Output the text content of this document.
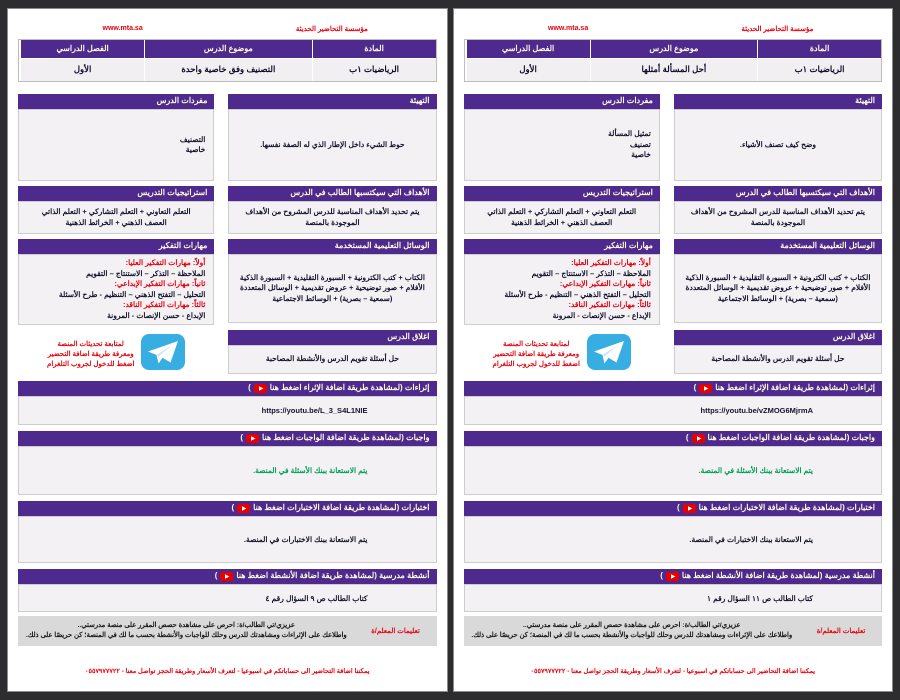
مؤسسة التحاضير الحديثة
www.mta.sa
المادة
موضوع الدرس
الفصل الدراسي
الرياضيات ١ب
التصنيف وفق خاصية واحدة
الأول
التهيئة
حوط الشيء داخل الإطار الذي له الصفة نفسها.
مفردات الدرس
التصنيف
خاصية
الأهداف التي سيكتسبها الطالب في الدرس
يتم تحديد الأهداف المناسبة للدرس المشروح من الأهداف الموجودة بالمنصة
استراتيجيات التدريس
التعلم التعاوني + التعلم التشاركي + التعلم الذاتي
العصف الذهني + الخرائط الذهنية
الوسائل التعليمية المستخدمة
الكتاب + كتب الكترونية + السبورة التقليدية + السبورة الذكية
الأفلام + صور توضيحية + عروض تقديمية + الوسائل المتعددة
(سمعية – بصرية) + الوسائط الاجتماعية
مهارات التفكير
أولاً: مهارات التفكير العليا:
الملاحظة – التذكر – الاستنتاج – التقويم
ثانياً: مهارات التفكير الإبداعي:
التحليل – التفتح الذهني – التنظيم - طرح الأسئلة
ثالثاً: مهارات التفكير الناقد:
الإبداع - حسن الإنصات - المرونة
اغلاق الدرس
حل أسئلة تقويم الدرس والأنشطة المصاحبة
لمتابعة تحديثات المنصة
ومعرفة طريقة اضافة التحضير
اضغط للدخول لجروب التلغرام
إثراءات (لمشاهدة طريقة اضافة الإثراء اضغط هنا
)
https://youtu.be/L_3_S4L1NIE
واجبات (لمشاهدة طريقة اضافة الواجبات اضغط هنا
)
يتم الاستعانة ببنك الأسئلة في المنصة.
اختبارات (لمشاهدة طريقة اضافة الاختبارات اضغط هنا
)
يتم الاستعانة ببنك الاختبارات في المنصة.
أنشطة مدرسية (لمشاهدة طريقة اضافة الأنشطة اضغط هنا
)
كتاب الطالب ص ٩ السؤال رقم ٤
تعليمات المعلم/ة
عزيزي/تي الطالب/ة: احرص على مشاهدة حصص المقرر على منصة مدرستي..
واطلاعك على الإثراءات ومشاهدتك للدرس وحلك للواجبات والأنشطة بحسب ما لك في المنصة؛ كن حريصًا على ذلك.
يمكننا اضافة التحاضير الى حساباتكم في اسبوعيا - لتعرف الأسعار وطريقة الحجز تواصل معنا - ٠٥٥٧٩٧٧٧٢٢
مؤسسة التحاضير الحديثة
www.mta.sa
المادة
موضوع الدرس
الفصل الدراسي
الرياضيات ١ب
أحل المسألة أمثلها
الأول
التهيئة
وضح كيف تصنف الأشياء.
مفردات الدرس
تمثيل المسألة
تصنيف
خاصية
الأهداف التي سيكتسبها الطالب في الدرس
يتم تحديد الأهداف المناسبة للدرس المشروح من الأهداف الموجودة بالمنصة
استراتيجيات التدريس
التعلم التعاوني + التعلم التشاركي + التعلم الذاتي
العصف الذهني + الخرائط الذهنية
الوسائل التعليمية المستخدمة
الكتاب + كتب الكترونية + السبورة التقليدية + السبورة الذكية
الأفلام + صور توضيحية + عروض تقديمية + الوسائل المتعددة
(سمعية – بصرية) + الوسائط الاجتماعية
مهارات التفكير
أولاً: مهارات التفكير العليا:
الملاحظة – التذكر – الاستنتاج – التقويم
ثانياً: مهارات التفكير الإبداعي:
التحليل – التفتح الذهني – التنظيم - طرح الأسئلة
ثالثاً: مهارات التفكير الناقد:
الإبداع - حسن الإنصات - المرونة
اغلاق الدرس
حل أسئلة تقويم الدرس والأنشطة المصاحبة
لمتابعة تحديثات المنصة
ومعرفة طريقة اضافة التحضير
اضغط للدخول لجروب التلغرام
إثراءات (لمشاهدة طريقة اضافة الإثراء اضغط هنا
)
https://youtu.be/vZMOG6MjrmA
واجبات (لمشاهدة طريقة اضافة الواجبات اضغط هنا
)
يتم الاستعانة ببنك الأسئلة في المنصة.
اختبارات (لمشاهدة طريقة اضافة الاختبارات اضغط هنا
)
يتم الاستعانة ببنك الاختبارات في المنصة.
أنشطة مدرسية (لمشاهدة طريقة اضافة الأنشطة اضغط هنا
)
كتاب الطالب ص ١١ السؤال رقم ١
تعليمات المعلم/ة
عزيزي/تي الطالب/ة: احرص على مشاهدة حصص المقرر على منصة مدرستي..
واطلاعك على الإثراءات ومشاهدتك للدرس وحلك للواجبات والأنشطة بحسب ما لك في المنصة؛ كن حريصًا على ذلك.
يمكننا اضافة التحاضير الى حساباتكم في اسبوعيا - لتعرف الأسعار وطريقة الحجز تواصل معنا - ٠٥٥٧٩٧٧٧٢٢
